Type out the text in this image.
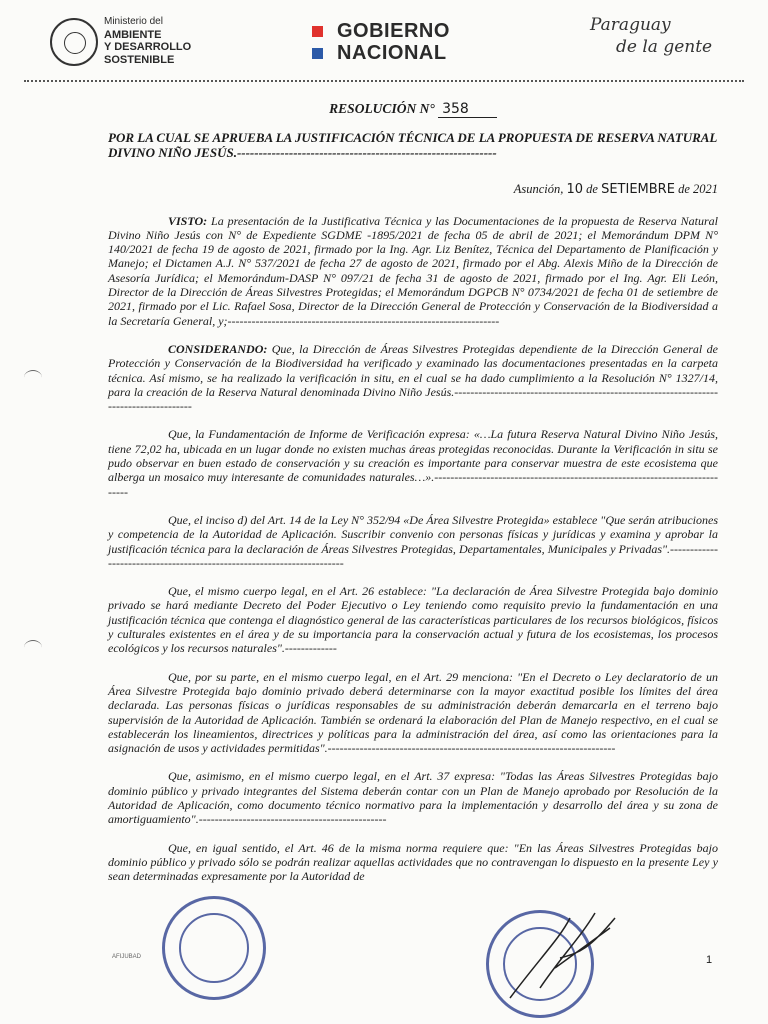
Ministerio del
AMBIENTE
Y DESARROLLO
SOSTENIBLE
GOBIERNO
NACIONAL
Paraguay
de la gente
RESOLUCIÓN N° 358
POR LA CUAL SE APRUEBA LA JUSTIFICACIÓN TÉCNICA DE LA PROPUESTA DE RESERVA NATURAL DIVINO NIÑO JESÚS.------------------------------------------------------------
Asunción, 10 de SETIEMBRE de 2021
VISTO: La presentación de la Justificativa Técnica y las Documentaciones de la propuesta de Reserva Natural Divino Niño Jesús con N° de Expediente SGDME -1895/2021 de fecha 05 de abril de 2021; el Memorándum DPM N° 140/2021 de fecha 19 de agosto de 2021, firmado por la Ing. Agr. Liz Benítez, Técnica del Departamento de Planificación y Manejo; el Dictamen A.J. N° 537/2021 de fecha 27 de agosto de 2021, firmado por el Abg. Alexis Miño de la Dirección de Asesoría Jurídica; el Memorándum-DASP N° 097/21 de fecha 31 de agosto de 2021, firmado por el Ing. Agr. Eli León, Director de la Dirección de Áreas Silvestres Protegidas; el Memorándum DGPCB N° 0734/2021 de fecha 01 de setiembre de 2021, firmado por el Lic. Rafael Sosa, Director de la Dirección General de Protección y Conservación de la Biodiversidad a la Secretaría General, y;--------------------------------------------------------------------
CONSIDERANDO: Que, la Dirección de Áreas Silvestres Protegidas dependiente de la Dirección General de Protección y Conservación de la Biodiversidad ha verificado y examinado las documentaciones presentadas en la carpeta técnica. Así mismo, se ha realizado la verificación in situ, en el cual se ha dado cumplimiento a la Resolución N° 1327/14, para la creación de la Reserva Natural denominada Divino Niño Jesús.---------------------------------------------------------------------------------------
Que, la Fundamentación de Informe de Verificación expresa: «…La futura Reserva Natural Divino Niño Jesús, tiene 72,02 ha, ubicada en un lugar donde no existen muchas áreas protegidas reconocidas. Durante la Verificación in situ se pudo observar en buen estado de conservación y su creación es importante para conservar muestra de este ecosistema que alberga un mosaico muy interesante de comunidades naturales…».----------------------------------------------------------------------------
Que, el inciso d) del Art. 14 de la Ley N° 352/94 «De Área Silvestre Protegida» establece "Que serán atribuciones y competencia de la Autoridad de Aplicación. Suscribir convenio con personas físicas y jurídicas y examina y aprobar la justificación técnica para la declaración de Áreas Silvestres Protegidas, Departamentales, Municipales y Privadas".-----------------------------------------------------------------------
Que, el mismo cuerpo legal, en el Art. 26 establece: "La declaración de Área Silvestre Protegida bajo dominio privado se hará mediante Decreto del Poder Ejecutivo o Ley teniendo como requisito previo la fundamentación en una justificación técnica que contenga el diagnóstico general de las características particulares de los recursos biológicos, físicos y culturales existentes en el área y de su importancia para la conservación actual y futura de los ecosistemas, los procesos ecológicos y los recursos naturales".-------------
Que, por su parte, en el mismo cuerpo legal, en el Art. 29 menciona: "En el Decreto o Ley declaratorio de un Área Silvestre Protegida bajo dominio privado deberá determinarse con la mayor exactitud posible los límites del área declarada. Las personas físicas o jurídicas responsables de su administración deberán demarcarla en el terreno bajo supervisión de la Autoridad de Aplicación. También se ordenará la elaboración del Plan de Manejo respectivo, en el cual se establecerán los lineamientos, directrices y políticas para la administración del área, así como las orientaciones para la asignación de usos y actividades permitidas".------------------------------------------------------------------------
Que, asimismo, en el mismo cuerpo legal, en el Art. 37 expresa: "Todas las Áreas Silvestres Protegidas bajo dominio público y privado integrantes del Sistema deberán contar con un Plan de Manejo aprobado por Resolución de la Autoridad de Aplicación, como documento técnico normativo para la implementación y desarrollo del área y su zona de amortiguamiento".-----------------------------------------------
Que, en igual sentido, el Art. 46 de la misma norma requiere que: "En las Áreas Silvestres Protegidas bajo dominio público y privado sólo se podrán realizar aquellas actividades que no contravengan lo dispuesto en la presente Ley y sean determinadas expresamente por la Autoridad de
AFIJUBAD	1
